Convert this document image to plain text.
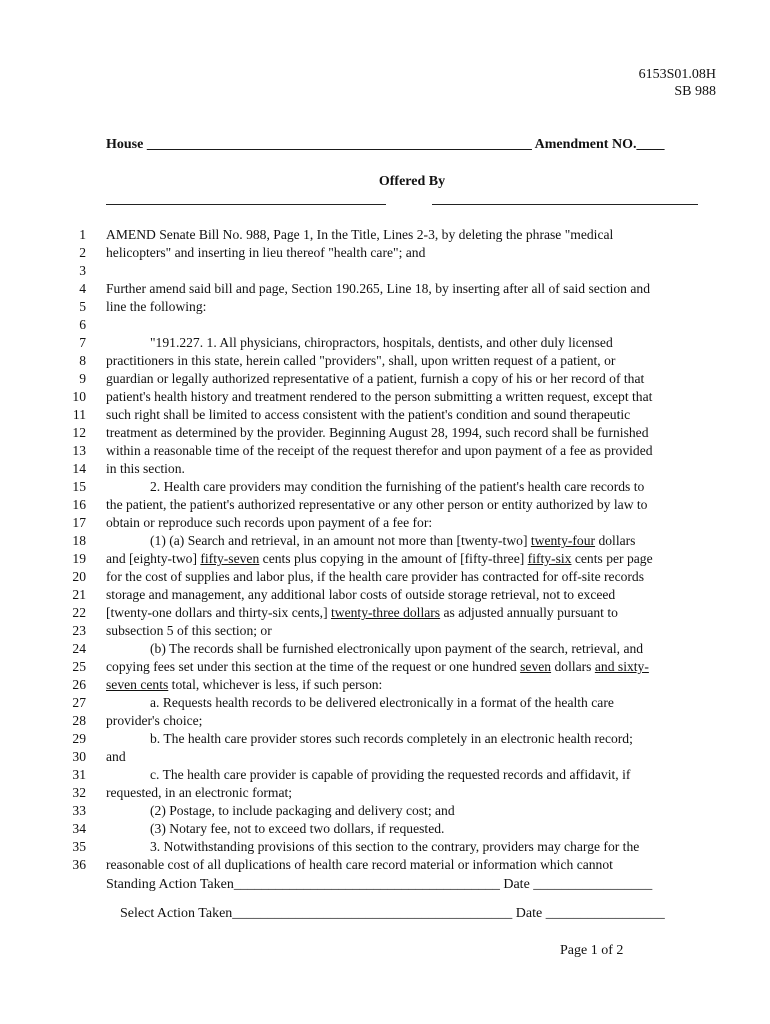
6153S01.08H
SB 988
House _______________________________________________________ Amendment NO.____
Offered By
1 AMEND Senate Bill No. 988, Page 1, In the Title, Lines 2-3, by deleting the phrase "medical
2 helicopters" and inserting in lieu thereof "health care"; and
3
4 Further amend said bill and page, Section 190.265, Line 18, by inserting after all of said section and
5 line the following:
6
7	"191.227. 1. All physicians, chiropractors, hospitals, dentists, and other duly licensed
8 practitioners in this state, herein called "providers", shall, upon written request of a patient, or
9 guardian or legally authorized representative of a patient, furnish a copy of his or her record of that
10 patient's health history and treatment rendered to the person submitting a written request, except that
11 such right shall be limited to access consistent with the patient's condition and sound therapeutic
12 treatment as determined by the provider. Beginning August 28, 1994, such record shall be furnished
13 within a reasonable time of the receipt of the request therefor and upon payment of a fee as provided
14 in this section.
15	2. Health care providers may condition the furnishing of the patient's health care records to
16 the patient, the patient's authorized representative or any other person or entity authorized by law to
17 obtain or reproduce such records upon payment of a fee for:
18	(1) (a) Search and retrieval, in an amount not more than [twenty-two] twenty-four dollars
19 and [eighty-two] fifty-seven cents plus copying in the amount of [fifty-three] fifty-six cents per page
20 for the cost of supplies and labor plus, if the health care provider has contracted for off-site records
21 storage and management, any additional labor costs of outside storage retrieval, not to exceed
22 [twenty-one dollars and thirty-six cents,] twenty-three dollars as adjusted annually pursuant to
23 subsection 5 of this section; or
24	(b) The records shall be furnished electronically upon payment of the search, retrieval, and
25 copying fees set under this section at the time of the request or one hundred seven dollars and sixty-
26 seven cents total, whichever is less, if such person:
27	a. Requests health records to be delivered electronically in a format of the health care
28 provider's choice;
29	b. The health care provider stores such records completely in an electronic health record;
30 and
31	c. The health care provider is capable of providing the requested records and affidavit, if
32 requested, in an electronic format;
33	(2) Postage, to include packaging and delivery cost; and
34	(3) Notary fee, not to exceed two dollars, if requested.
35	3. Notwithstanding provisions of this section to the contrary, providers may charge for the
36 reasonable cost of all duplications of health care record material or information which cannot
Standing Action Taken______________________________________ Date _________________
Select Action Taken________________________________________ Date _________________
Page 1 of 2
